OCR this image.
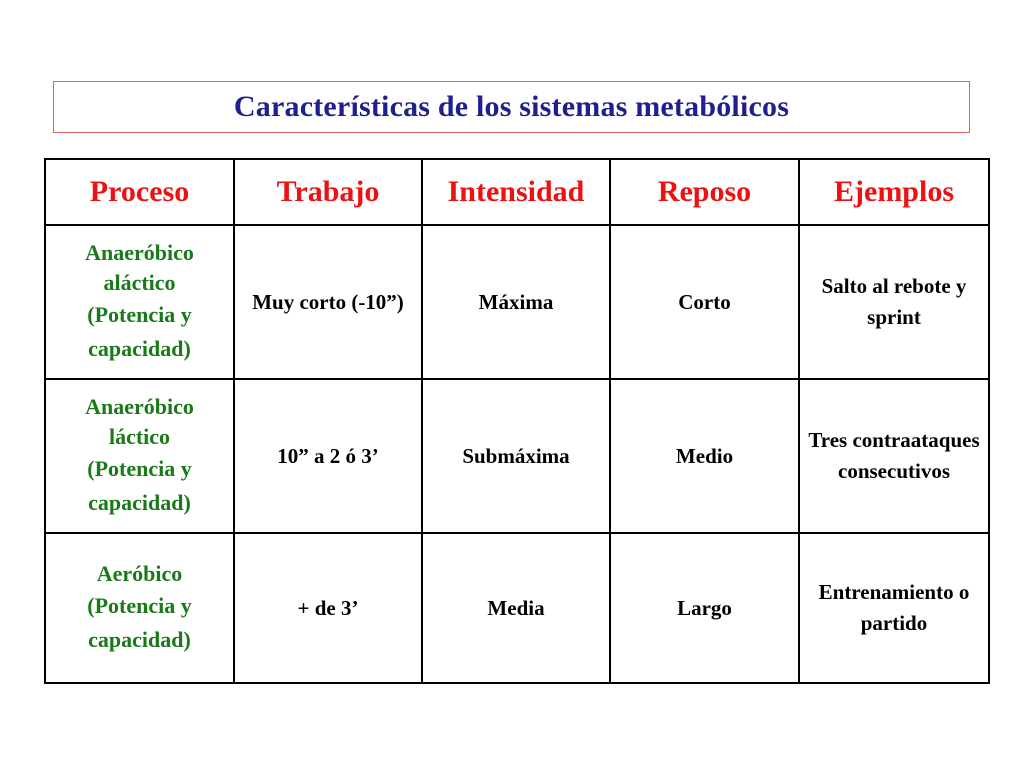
Características de los sistemas metabólicos
Proceso	Trabajo	Intensidad	Reposo	Ejemplos

Anaeróbico aláctico
(Potencia y capacidad)	Muy corto (-10”)	Máxima	Corto	Salto al rebote y sprint

Anaeróbico láctico
(Potencia y capacidad)	10” a 2 ó 3’	Submáxima	Medio	Tres contraataques consecutivos

Aeróbico
(Potencia y capacidad)	+ de 3’	Media	Largo	Entrenamiento o partido
